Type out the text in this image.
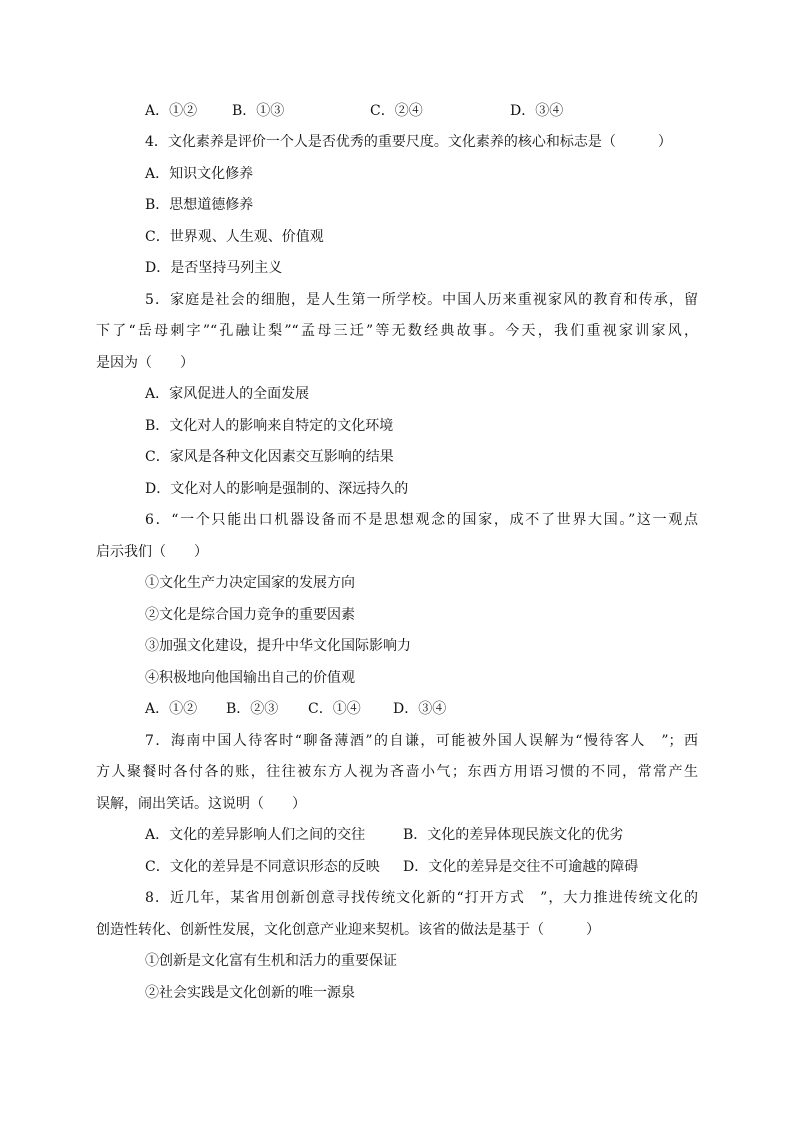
A．①② B．①③	C．②④	D．③④
4．文化素养是评价一个人是否优秀的重要尺度。文化素养的核心和标志是（　　　）
A．知识文化修养
B．思想道德修养
C．世界观、人生观、价值观
D．是否坚持马列主义
5．家庭是社会的细胞，是人生第一所学校。中国人历来重视家风的教育和传承，留
下了“岳母刺字”“孔融让梨”“孟母三迁”等无数经典故事。今天，我们重视家训家风，
是因为（　　）
A．家风促进人的全面发展
B．文化对人的影响来自特定的文化环境
C．家风是各种文化因素交互影响的结果
D．文化对人的影响是强制的、深远持久的
6．“一个只能出口机器设备而不是思想观念的国家，成不了世界大国。”这一观点
启示我们（　　）
①文化生产力决定国家的发展方向
②文化是综合国力竞争的重要因素
③加强文化建设，提升中华文化国际影响力
④积极地向他国输出自己的价值观
A．①② B．②③ C．①④ D．③④
7．海南中国人待客时“聊备薄酒”的自谦，可能被外国人误解为“慢待客人　”；西
方人聚餐时各付各的账，往往被东方人视为吝啬小气；东西方用语习惯的不同，常常产生
误解，闹出笑话。这说明（　　）
A．文化的差异影响人们之间的交往	B．文化的差异体现民族文化的优劣
C．文化的差异是不同意识形态的反映 D．文化的差异是交往不可逾越的障碍
8．近几年，某省用创新创意寻找传统文化新的“打开方式　”，大力推进传统文化的
创造性转化、创新性发展，文化创意产业迎来契机。该省的做法是基于（　　　）
①创新是文化富有生机和活力的重要保证
②社会实践是文化创新的唯一源泉
